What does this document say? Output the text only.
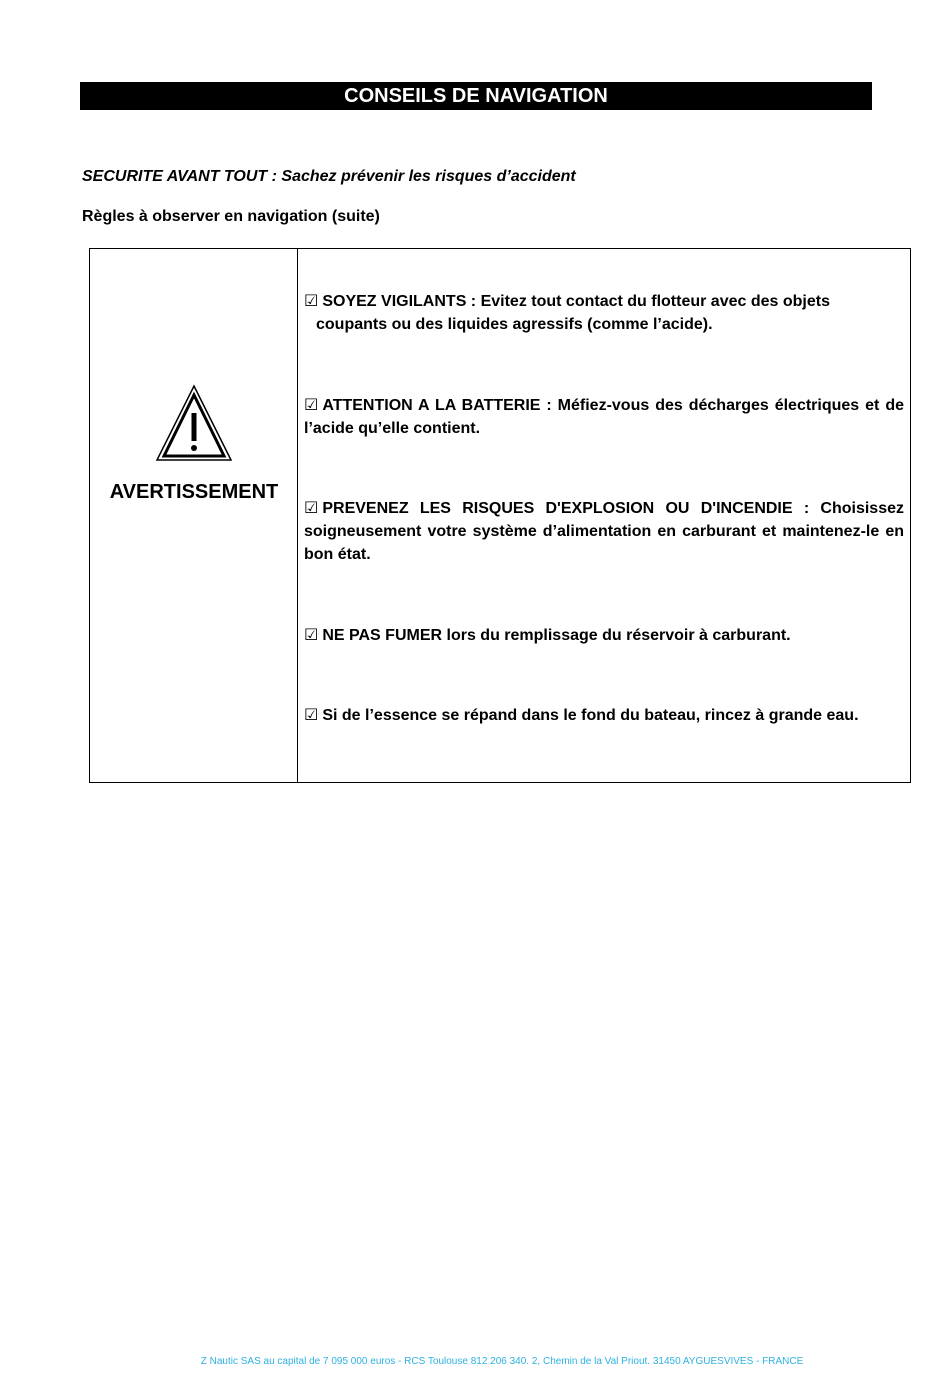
CONSEILS DE NAVIGATION
SECURITE AVANT TOUT : Sachez prévenir les risques d’accident
Règles à observer en navigation (suite)
AVERTISSEMENT
☑ SOYEZ VIGILANTS : Evitez tout contact du flotteur avec des objets
coupants ou des liquides agressifs (comme l’acide).
☑ ATTENTION A LA BATTERIE : Méfiez-vous des décharges électriques et de l’acide qu’elle contient.
☑ PREVENEZ LES RISQUES D'EXPLOSION OU D'INCENDIE : Choisissez soigneusement votre système d’alimentation en carburant et maintenez-le en bon état.
☑ NE PAS FUMER lors du remplissage du réservoir à carburant.
☑ Si de l’essence se répand dans le fond du bateau, rincez à grande eau.
Z Nautic SAS au capital de 7 095 000 euros - RCS Toulouse 812 206 340. 2, Chemin de la Val Priout. 31450 AYGUESVIVES - FRANCE
